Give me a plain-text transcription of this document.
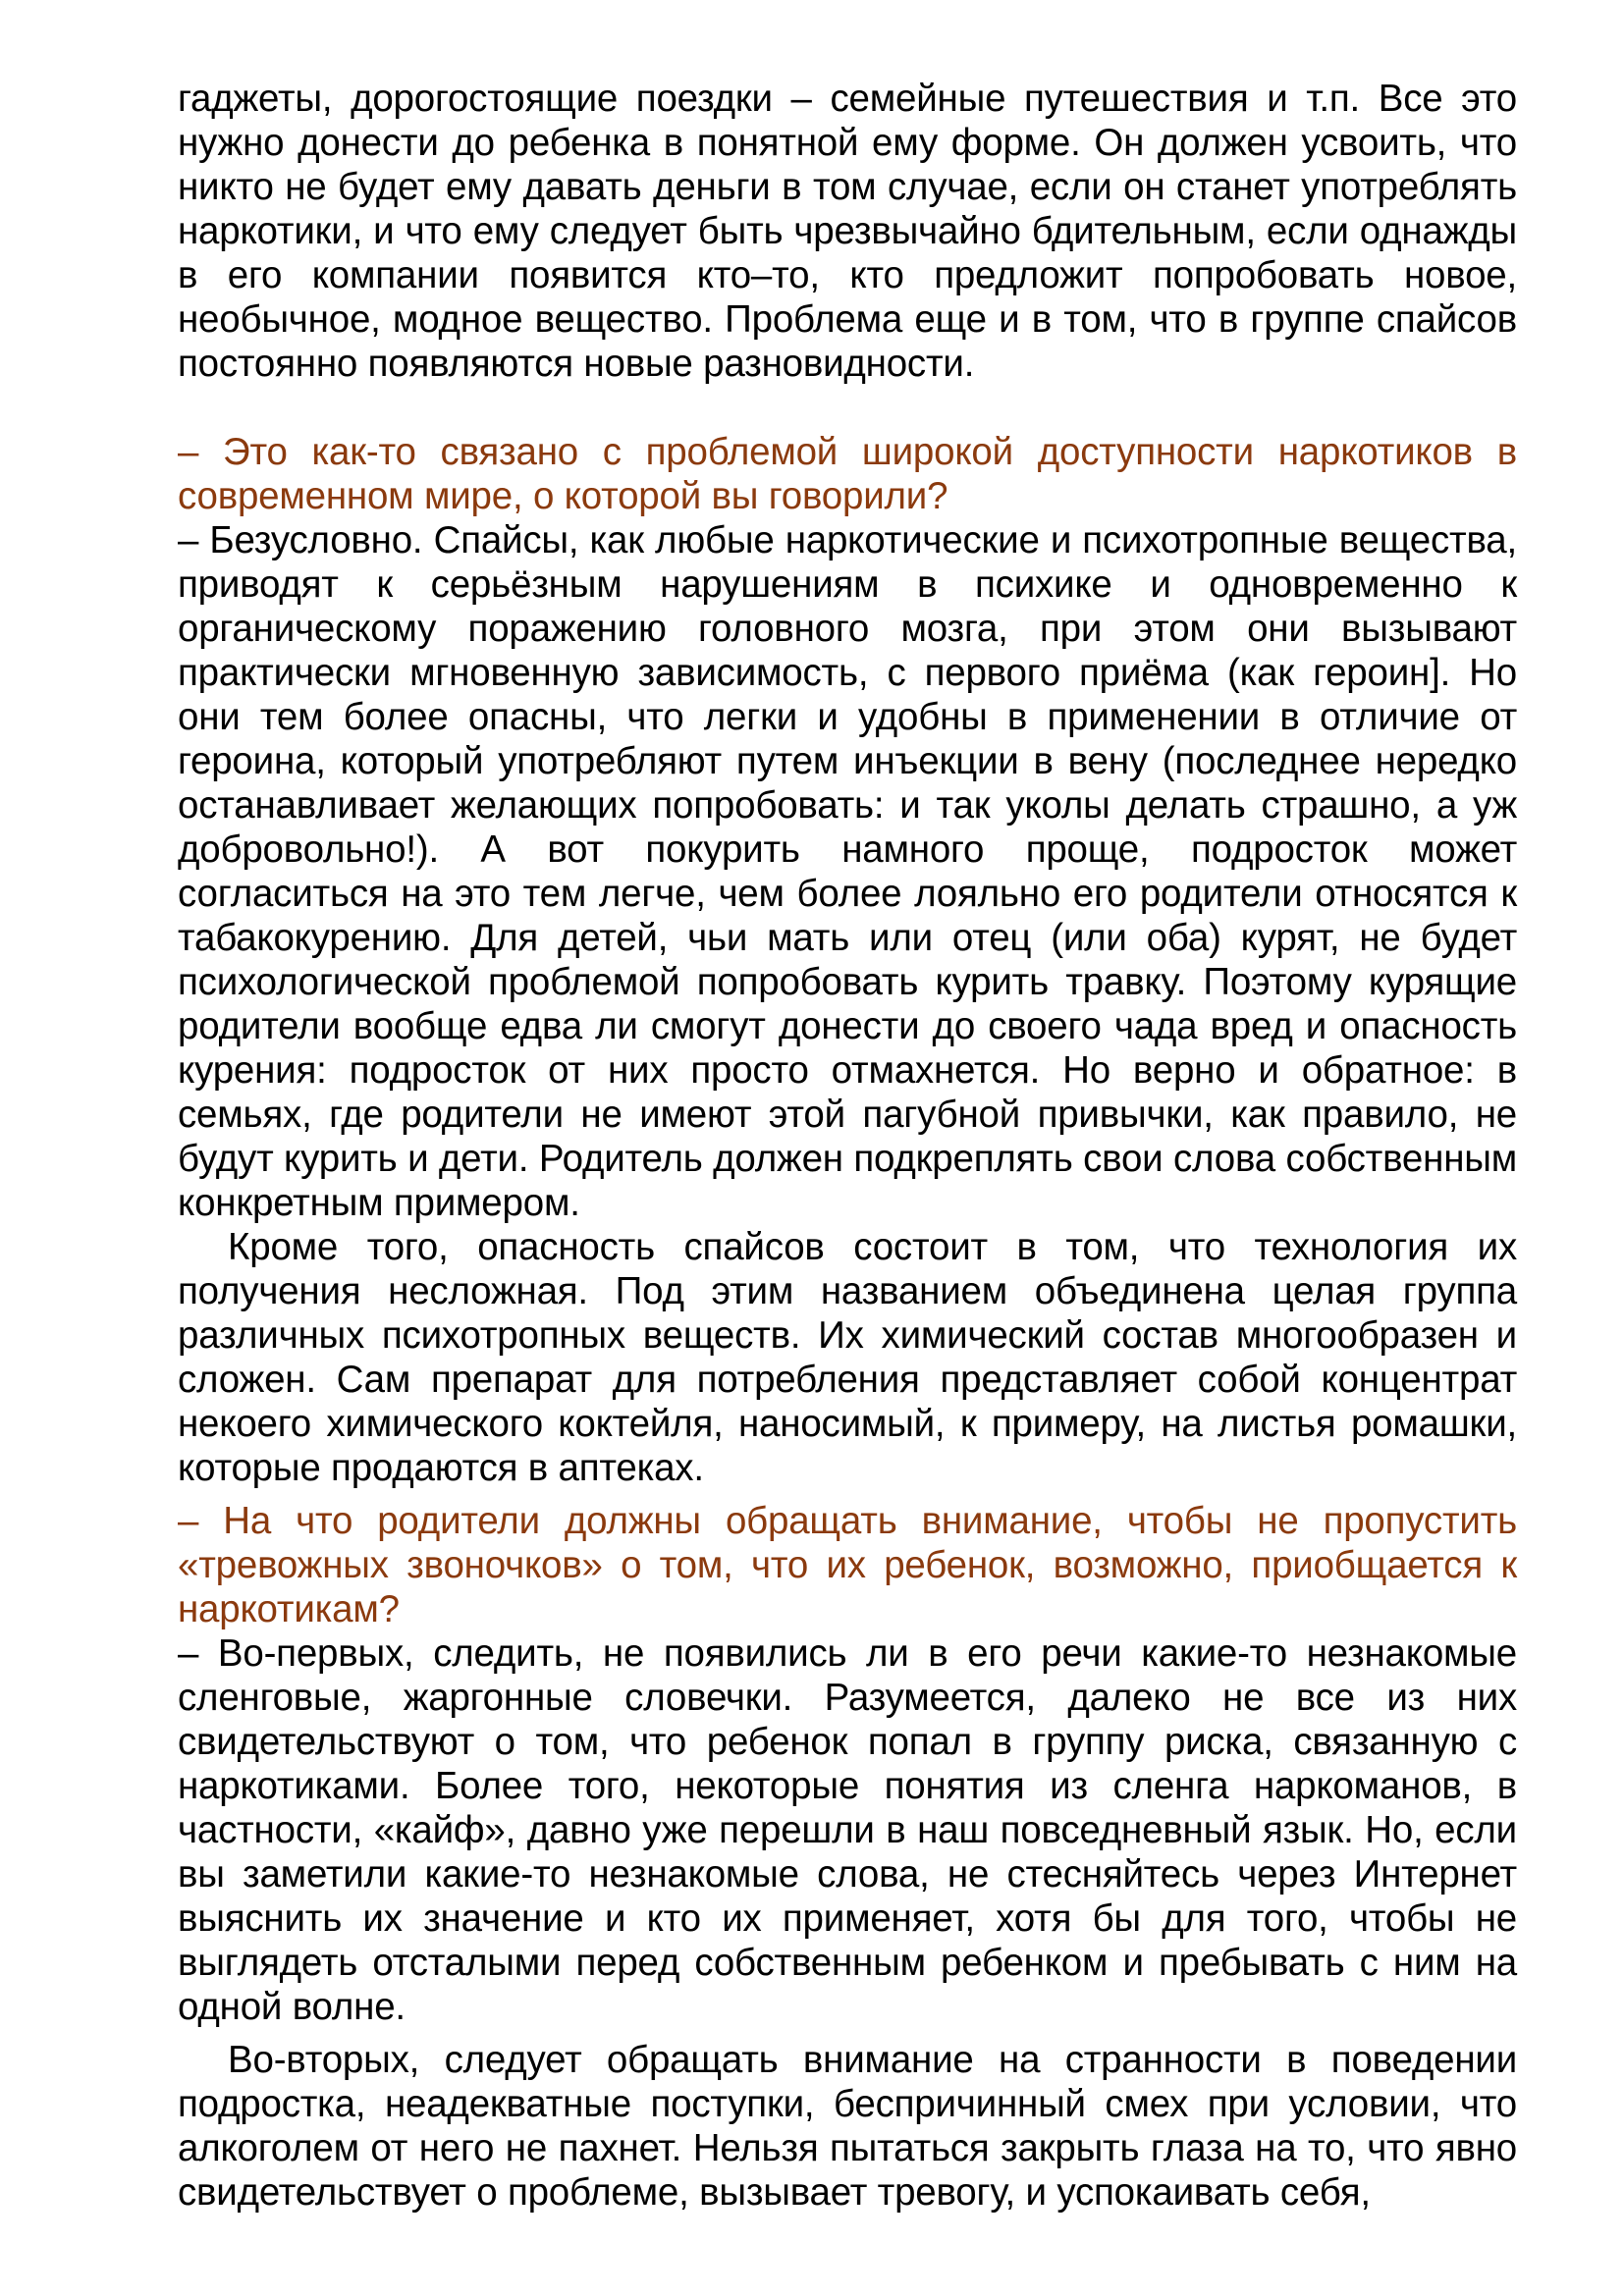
гаджеты, дорогостоящие поездки – семейные путешествия и т.п. Все это нужно донести до ребенка в понятной ему форме. Он должен усвоить, что никто не будет ему давать деньги в том случае, если он станет употреблять наркотики, и что ему следует быть чрезвычайно бдительным, если однажды в его компании появится кто–то, кто предложит попробовать новое, необычное, модное вещество. Проблема еще и в том, что в группе спайсов постоянно появляются новые разновидности.

– Это как-то связано с проблемой широкой доступности наркотиков в современном мире, о которой вы говорили?

– Безусловно. Спайсы, как любые наркотические и психотропные вещества, приводят к серьёзным нарушениям в психике и одновременно к органическому поражению головного мозга, при этом они вызывают практически мгновенную зависимость, с первого приёма (как героин]. Но они тем более опасны, что легки и удобны в применении в отличие от героина, который употребляют путем инъекции в вену (последнее нередко останавливает желающих попробовать: и так уколы делать страшно, а уж добровольно!). А вот покурить намного проще, подросток может согласиться на это тем легче, чем более лояльно его родители относятся к табакокурению. Для детей, чьи мать или отец (или оба) курят, не будет психологической проблемой попробовать курить травку. Поэтому курящие родители вообще едва ли смогут донести до своего чада вред и опасность курения: подросток от них просто отмахнется. Но верно и обратное: в семьях, где родители не имеют этой пагубной привычки, как правило, не будут курить и дети. Родитель должен подкреплять свои слова собственным конкретным примером.

Кроме того, опасность спайсов состоит в том, что технология их получения несложная. Под этим названием объединена целая группа различных психотропных веществ. Их химический состав многообразен и сложен. Сам препарат для потребления представляет собой концентрат некоего химического коктейля, наносимый, к примеру, на листья ромашки, которые продаются в аптеках.

– На что родители должны обращать внимание, чтобы не пропустить «тревожных звоночков» о том, что их ребенок, возможно, приобщается к наркотикам?

– Во-первых, следить, не появились ли в его речи какие-то незнакомые сленговые, жаргонные словечки. Разумеется, далеко не все из них свидетельствуют о том, что ребенок попал в группу риска, связанную с наркотиками. Более того, некоторые понятия из сленга наркоманов, в частности, «кайф», давно уже перешли в наш повседневный язык. Но, если вы заметили какие-то незнакомые слова, не стесняйтесь через Интернет выяснить их значение и кто их применяет, хотя бы для того, чтобы не выглядеть отсталыми перед собственным ребенком и пребывать с ним на одной волне.

Во-вторых, следует обращать внимание на странности в поведении подростка, неадекватные поступки, беспричинный смех при условии, что алкоголем от него не пахнет. Нельзя пытаться закрыть глаза на то, что явно свидетельствует о проблеме, вызывает тревогу, и успокаивать себя,
